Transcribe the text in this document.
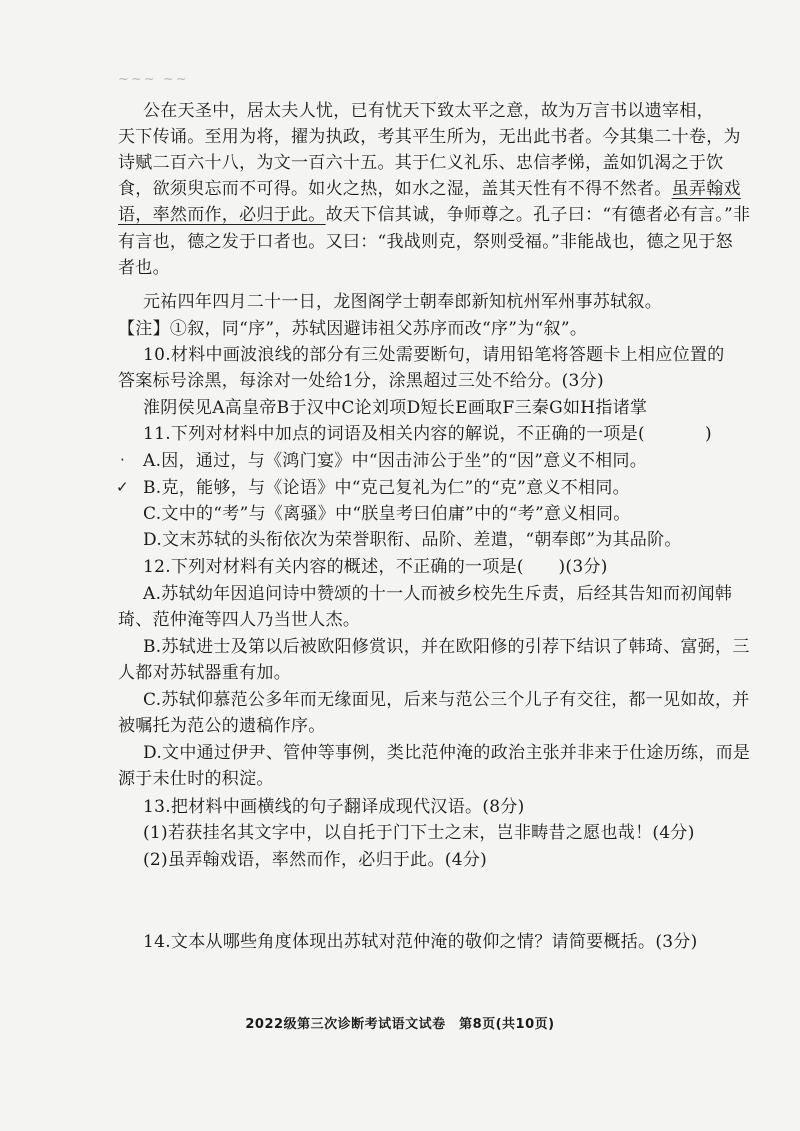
~~~ ~~
公在天圣中，居太夫人忧，已有忧天下致太平之意，故为万言书以遗宰相，
天下传诵。至用为将，擢为执政，考其平生所为，无出此书者。今其集二十卷，为
诗赋二百六十八，为文一百六十五。其于仁义礼乐、忠信孝悌，盖如饥渴之于饮
食，欲须臾忘而不可得。如火之热，如水之湿，盖其天性有不得不然者。虽弄翰戏
语，率然而作，必归于此。故天下信其诚，争师尊之。孔子曰：“有德者必有言。”非
有言也，德之发于口者也。又曰：“我战则克，祭则受福。”非能战也，德之见于怒
者也。
元祐四年四月二十一日，龙图阁学士朝奉郎新知杭州军州事苏轼叙。
【注】①叙，同“序”，苏轼因避讳祖父苏序而改“序”为“叙”。
10.材料中画波浪线的部分有三处需要断句，请用铅笔将答题卡上相应位置的
答案标号涂黑，每涂对一处给1分，涂黑超过三处不给分。(3分)
淮阴侯见A高皇帝B于汉中C论刘项D短长E画取F三秦G如H指诸掌
11.下列对材料中加点的词语及相关内容的解说，不正确的一项是(	)
· A.因，通过，与《鸿门宴》中“因击沛公于坐”的“因”意义不相同。
✓ B.克，能够，与《论语》中“克己复礼为仁”的“克”意义不相同。
C.文中的“考”与《离骚》中“朕皇考曰伯庸”中的“考”意义相同。
D.文末苏轼的头衔依次为荣誉职衔、品阶、差遣，“朝奉郎”为其品阶。
12.下列对材料有关内容的概述，不正确的一项是(　　)(3分)
A.苏轼幼年因追问诗中赞颂的十一人而被乡校先生斥责，后经其告知而初闻韩
琦、范仲淹等四人乃当世人杰。
B.苏轼进士及第以后被欧阳修赏识，并在欧阳修的引荐下结识了韩琦、富弼，三
人都对苏轼器重有加。
C.苏轼仰慕范公多年而无缘面见，后来与范公三个儿子有交往，都一见如故，并
被嘱托为范公的遗稿作序。
D.文中通过伊尹、管仲等事例，类比范仲淹的政治主张并非来于仕途历练，而是
源于未仕时的积淀。
13.把材料中画横线的句子翻译成现代汉语。(8分)
(1)若获挂名其文字中，以自托于门下士之末，岂非畴昔之愿也哉！(4分)
(2)虽弄翰戏语，率然而作，必归于此。(4分)
14.文本从哪些角度体现出苏轼对范仲淹的敬仰之情？请简要概括。(3分)
2022级第三次诊断考试语文试卷　第8页(共10页)
